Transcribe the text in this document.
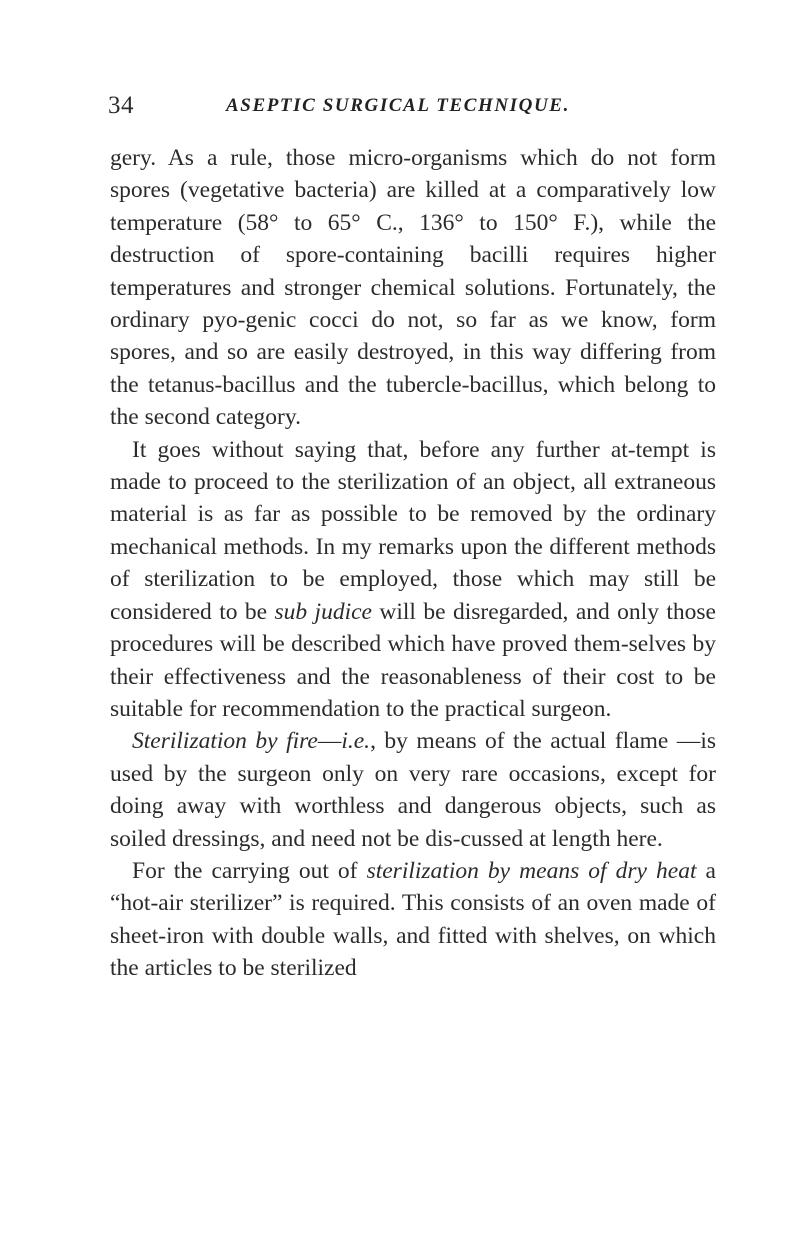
34	ASEPTIC SURGICAL TECHNIQUE.

gery. As a rule, those micro-organisms which do not form spores (vegetative bacteria) are killed at a comparatively low temperature (58° to 65° C., 136° to 150° F.), while the destruction of spore-containing bacilli requires higher temperatures and stronger chemical solutions. Fortunately, the ordinary pyo-genic cocci do not, so far as we know, form spores, and so are easily destroyed, in this way differing from the tetanus-bacillus and the tubercle-bacillus, which belong to the second category.

It goes without saying that, before any further at-tempt is made to proceed to the sterilization of an object, all extraneous material is as far as possible to be removed by the ordinary mechanical methods. In my remarks upon the different methods of sterilization to be employed, those which may still be considered to be sub judice will be disregarded, and only those procedures will be described which have proved them-selves by their effectiveness and the reasonableness of their cost to be suitable for recommendation to the practical surgeon.

Sterilization by fire—i.e., by means of the actual flame —is used by the surgeon only on very rare occasions, except for doing away with worthless and dangerous objects, such as soiled dressings, and need not be dis-cussed at length here.

For the carrying out of sterilization by means of dry heat a “hot-air sterilizer” is required. This consists of an oven made of sheet-iron with double walls, and fitted with shelves, on which the articles to be sterilized
